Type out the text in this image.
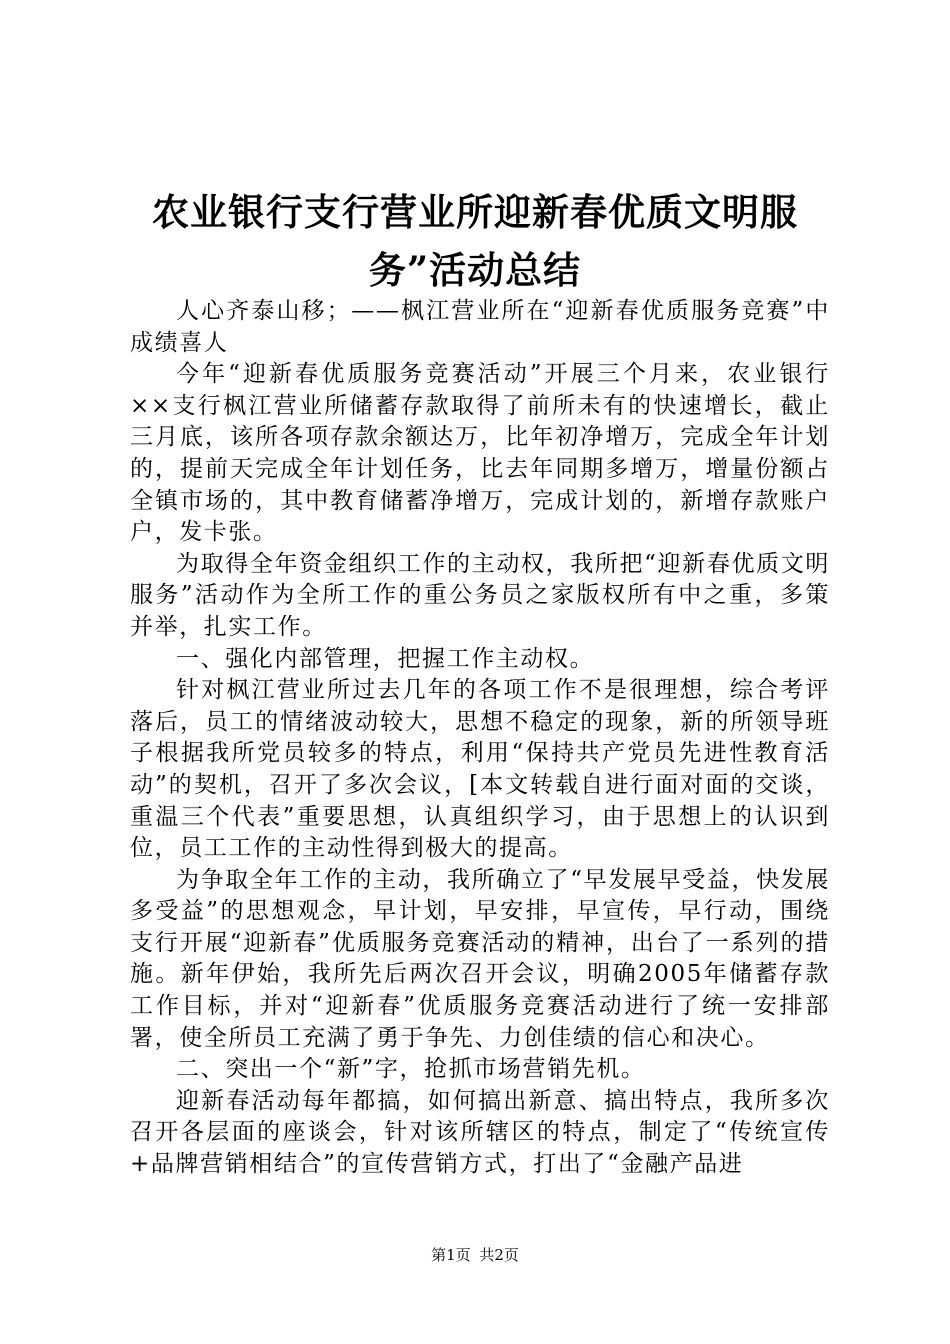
农业银行支行营业所迎新春优质文明服务”活动总结

人心齐泰山移；——枫江营业所在“迎新春优质服务竞赛”中成绩喜人

今年“迎新春优质服务竞赛活动”开展三个月来，农业银行××支行枫江营业所储蓄存款取得了前所未有的快速增长，截止三月底，该所各项存款余额达万，比年初净增万，完成全年计划的，提前天完成全年计划任务，比去年同期多增万，增量份额占全镇市场的，其中教育储蓄净增万，完成计划的，新增存款账户户，发卡张。

为取得全年资金组织工作的主动权，我所把“迎新春优质文明服务”活动作为全所工作的重公务员之家版权所有中之重，多策并举，扎实工作。

一、强化内部管理，把握工作主动权。

针对枫江营业所过去几年的各项工作不是很理想，综合考评落后，员工的情绪波动较大，思想不稳定的现象，新的所领导班子根据我所党员较多的特点，利用“保持共产党员先进性教育活动”的契机，召开了多次会议，[本文转载自进行面对面的交谈，重温三个代表”重要思想，认真组织学习，由于思想上的认识到位，员工工作的主动性得到极大的提高。

为争取全年工作的主动，我所确立了“早发展早受益，快发展多受益”的思想观念，早计划，早安排，早宣传，早行动，围绕支行开展“迎新春”优质服务竞赛活动的精神，出台了一系列的措施。新年伊始，我所先后两次召开会议，明确2005年储蓄存款工作目标，并对“迎新春”优质服务竞赛活动进行了统一安排部署，使全所员工充满了勇于争先、力创佳绩的信心和决心。

二、突出一个“新”字，抢抓市场营销先机。

迎新春活动每年都搞，如何搞出新意、搞出特点，我所多次召开各层面的座谈会，针对该所辖区的特点，制定了“传统宣传+品牌营销相结合”的宣传营销方式，打出了“金融产品进

第1页 共2页
